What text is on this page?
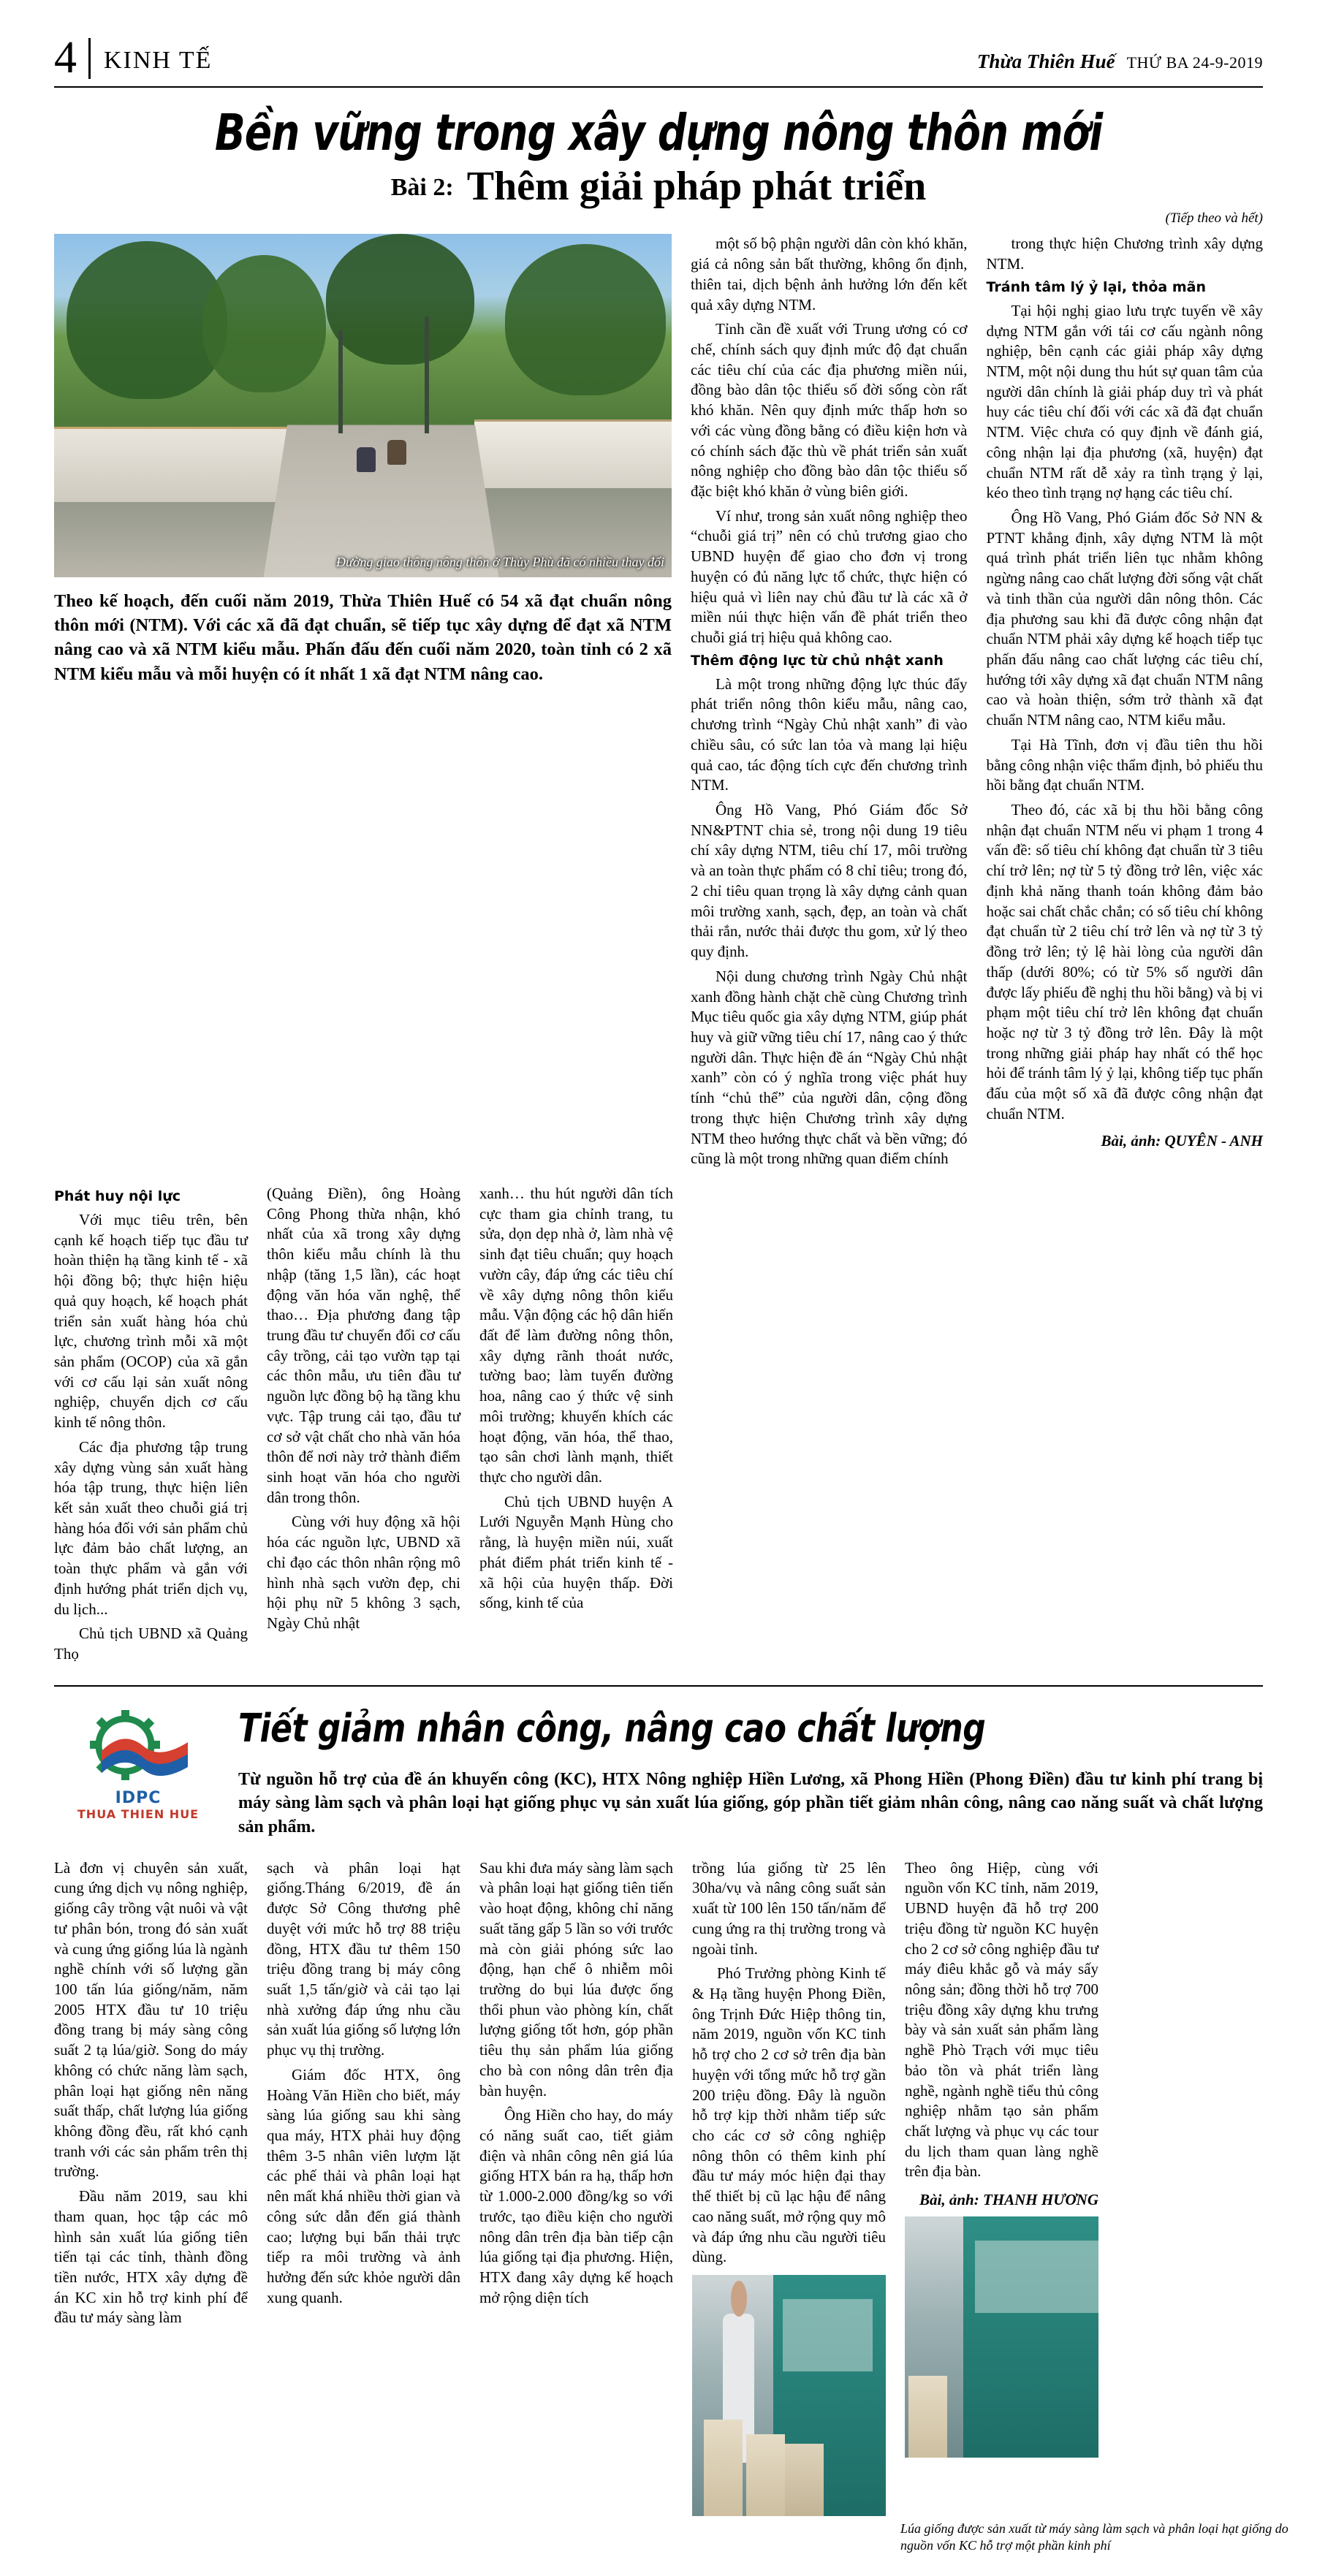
4	KINH TẾ	Thừa Thiên Huế THỨ BA 24-9-2019
Bền vững trong xây dựng nông thôn mới
Bài 2: Thêm giải pháp phát triển
(Tiếp theo và hết)
Đường giao thông nông thôn ở Thủy Phù đã có nhiều thay đổi
Theo kế hoạch, đến cuối năm 2019, Thừa Thiên Huế có 54 xã đạt chuẩn nông thôn mới (NTM). Với các xã đã đạt chuẩn, sẽ tiếp tục xây dựng để đạt xã NTM nâng cao và xã NTM kiểu mẫu. Phấn đấu đến cuối năm 2020, toàn tỉnh có 2 xã NTM kiểu mẫu và mỗi huyện có ít nhất 1 xã đạt NTM nâng cao.

một số bộ phận người dân còn khó khăn, giá cả nông sản bất thường, không ổn định, thiên tai, dịch bệnh ảnh hưởng lớn đến kết quả xây dựng NTM.

Tỉnh cần đề xuất với Trung ương có cơ chế, chính sách quy định mức độ đạt chuẩn các tiêu chí của các địa phương miền núi, đồng bào dân tộc thiểu số đời sống còn rất khó khăn. Nên quy định mức thấp hơn so với các vùng đồng bằng có điều kiện hơn và có chính sách đặc thù về phát triển sản xuất nông nghiệp cho đồng bào dân tộc thiểu số đặc biệt khó khăn ở vùng biên giới.

Ví như, trong sản xuất nông nghiệp theo “chuỗi giá trị” nên có chủ trương giao cho UBND huyện để giao cho đơn vị trong huyện có đủ năng lực tổ chức, thực hiện có hiệu quả vì liên nay chủ đầu tư là các xã ở miền núi thực hiện vấn đề phát triển theo chuỗi giá trị hiệu quả không cao.

Thêm động lực từ chủ nhật xanh

Là một trong những động lực thúc đẩy phát triển nông thôn kiểu mẫu, nâng cao, chương trình “Ngày Chủ nhật xanh” đi vào chiều sâu, có sức lan tỏa và mang lại hiệu quả cao, tác động tích cực đến chương trình NTM.

Ông Hồ Vang, Phó Giám đốc Sở NN&PTNT chia sẻ, trong nội dung 19 tiêu chí xây dựng NTM, tiêu chí 17, môi trường và an toàn thực phẩm có 8 chỉ tiêu; trong đó, 2 chỉ tiêu quan trọng là xây dựng cảnh quan môi trường xanh, sạch, đẹp, an toàn và chất thải rắn, nước thải được thu gom, xử lý theo quy định.

Nội dung chương trình Ngày Chủ nhật xanh đồng hành chặt chẽ cùng Chương trình Mục tiêu quốc gia xây dựng NTM, giúp phát huy và giữ vững tiêu chí 17, nâng cao ý thức người dân. Thực hiện đề án “Ngày Chủ nhật xanh” còn có ý nghĩa trong việc phát huy tính “chủ thể” của người dân, cộng đồng trong thực hiện Chương trình xây dựng NTM theo hướng thực chất và bền vững; đó cũng là một trong những quan điểm chính

trong thực hiện Chương trình xây dựng NTM.

Tránh tâm lý ỷ lại, thỏa mãn

Tại hội nghị giao lưu trực tuyến về xây dựng NTM gắn với tái cơ cấu ngành nông nghiệp, bên cạnh các giải pháp xây dựng NTM, một nội dung thu hút sự quan tâm của người dân chính là giải pháp duy trì và phát huy các tiêu chí đối với các xã đã đạt chuẩn NTM. Việc chưa có quy định về đánh giá, công nhận lại địa phương (xã, huyện) đạt chuẩn NTM rất dễ xảy ra tình trạng ỷ lại, kéo theo tình trạng nợ hạng các tiêu chí.

Ông Hồ Vang, Phó Giám đốc Sở NN & PTNT khẳng định, xây dựng NTM là một quá trình phát triển liên tục nhằm không ngừng nâng cao chất lượng đời sống vật chất và tinh thần của người dân nông thôn. Các địa phương sau khi đã được công nhận đạt chuẩn NTM phải xây dựng kế hoạch tiếp tục phấn đấu nâng cao chất lượng các tiêu chí, hướng tới xây dựng xã đạt chuẩn NTM nâng cao và hoàn thiện, sớm trở thành xã đạt chuẩn NTM nâng cao, NTM kiểu mẫu.

Tại Hà Tĩnh, đơn vị đầu tiên thu hồi bằng công nhận việc thẩm định, bỏ phiếu thu hồi bằng đạt chuẩn NTM.

Theo đó, các xã bị thu hồi bằng công nhận đạt chuẩn NTM nếu vi phạm 1 trong 4 vấn đề: số tiêu chí không đạt chuẩn từ 3 tiêu chí trở lên; nợ từ 5 tỷ đồng trở lên, việc xác định khả năng thanh toán không đảm bảo hoặc sai chất chắc chắn; có số tiêu chí không đạt chuẩn từ 2 tiêu chí trở lên và nợ từ 3 tỷ đồng trở lên; tỷ lệ hài lòng của người dân thấp (dưới 80%; có từ 5% số người dân được lấy phiếu đề nghị thu hồi bằng) và bị vi phạm một tiêu chí trở lên không đạt chuẩn hoặc nợ từ 3 tỷ đồng trở lên. Đây là một trong những giải pháp hay nhất có thể học hỏi để tránh tâm lý ỷ lại, không tiếp tục phấn đấu của một số xã đã được công nhận đạt chuẩn NTM.

Bài, ảnh: QUYÊN - ANH
Phát huy nội lực

Với mục tiêu trên, bên cạnh kế hoạch tiếp tục đầu tư hoàn thiện hạ tầng kinh tế - xã hội đồng bộ; thực hiện hiệu quả quy hoạch, kế hoạch phát triển sản xuất hàng hóa chủ lực, chương trình mỗi xã một sản phẩm (OCOP) của xã gắn với cơ cấu lại sản xuất nông nghiệp, chuyển dịch cơ cấu kinh tế nông thôn.

Các địa phương tập trung xây dựng vùng sản xuất hàng hóa tập trung, thực hiện liên kết sản xuất theo chuỗi giá trị hàng hóa đối với sản phẩm chủ lực đảm bảo chất lượng, an toàn thực phẩm và gắn với định hướng phát triển dịch vụ, du lịch...

Chủ tịch UBND xã Quảng Thọ

(Quảng Điền), ông Hoàng Công Phong thừa nhận, khó nhất của xã trong xây dựng thôn kiểu mẫu chính là thu nhập (tăng 1,5 lần), các hoạt động văn hóa văn nghệ, thể thao… Địa phương đang tập trung đầu tư chuyển đổi cơ cấu cây trồng, cải tạo vườn tạp tại các thôn mẫu, ưu tiên đầu tư nguồn lực đồng bộ hạ tầng khu vực. Tập trung cải tạo, đầu tư cơ sở vật chất cho nhà văn hóa thôn để nơi này trở thành điểm sinh hoạt văn hóa cho người dân trong thôn.

Cùng với huy động xã hội hóa các nguồn lực, UBND xã chỉ đạo các thôn nhân rộng mô hình nhà sạch vườn đẹp, chi hội phụ nữ 5 không 3 sạch, Ngày Chủ nhật

xanh… thu hút người dân tích cực tham gia chỉnh trang, tu sửa, dọn dẹp nhà ở, làm nhà vệ sinh đạt tiêu chuẩn; quy hoạch vườn cây, đáp ứng các tiêu chí về xây dựng nông thôn kiểu mẫu. Vận động các hộ dân hiến đất để làm đường nông thôn, xây dựng rãnh thoát nước, tường bao; làm tuyến đường hoa, nâng cao ý thức vệ sinh môi trường; khuyến khích các hoạt động, văn hóa, thể thao, tạo sân chơi lành mạnh, thiết thực cho người dân.

Chủ tịch UBND huyện A Lưới Nguyễn Mạnh Hùng cho rằng, là huyện miền núi, xuất phát điểm phát triển kinh tế - xã hội của huyện thấp. Đời sống, kinh tế của

IDPC
THUA THIEN HUE
Tiết giảm nhân công, nâng cao chất lượng
Từ nguồn hỗ trợ của đề án khuyến công (KC), HTX Nông nghiệp Hiền Lương, xã Phong Hiền (Phong Điền) đầu tư kinh phí trang bị máy sàng làm sạch và phân loại hạt giống phục vụ sản xuất lúa giống, góp phần tiết giảm nhân công, nâng cao năng suất và chất lượng sản phẩm.

Là đơn vị chuyên sản xuất, cung ứng dịch vụ nông nghiệp, giống cây trồng vật nuôi và vật tư phân bón, trong đó sản xuất và cung ứng giống lúa là ngành nghề chính với số lượng gần 100 tấn lúa giống/năm, năm 2005 HTX đầu tư 10 triệu đồng trang bị máy sàng công suất 2 tạ lúa/giờ. Song do máy không có chức năng làm sạch, phân loại hạt giống nên năng suất thấp, chất lượng lúa giống không đồng đều, rất khó cạnh tranh với các sản phẩm trên thị trường.

Đầu năm 2019, sau khi tham quan, học tập các mô hình sản xuất lúa giống tiên tiến tại các tỉnh, thành đồng tiền nước, HTX xây dựng đề án KC xin hỗ trợ kinh phí để đầu tư máy sàng làm

sạch và phân loại hạt giống.Tháng 6/2019, đề án được Sở Công thương phê duyệt với mức hỗ trợ 88 triệu đồng, HTX đầu tư thêm 150 triệu đồng trang bị máy công suất 1,5 tấn/giờ và cải tạo lại nhà xưởng đáp ứng nhu cầu sản xuất lúa giống số lượng lớn phục vụ thị trường.

Giám đốc HTX, ông Hoàng Văn Hiền cho biết, máy sàng lúa giống sau khi sàng qua máy, HTX phải huy động thêm 3-5 nhân viên lượm lặt các phế thải và phân loại hạt nên mất khá nhiều thời gian và công sức dẫn đến giá thành cao; lượng bụi bẩn thải trực tiếp ra môi trường và ảnh hưởng đến sức khỏe người dân xung quanh.

Sau khi đưa máy sàng làm sạch và phân loại hạt giống tiên tiến vào hoạt động, không chỉ năng suất tăng gấp 5 lần so với trước mà còn giải phóng sức lao động, hạn chế ô nhiễm môi trường do bụi lúa được ống thổi phun vào phòng kín, chất lượng giống tốt hơn, góp phần tiêu thụ sản phẩm lúa giống cho bà con nông dân trên địa bàn huyện.

Ông Hiền cho hay, do máy có năng suất cao, tiết giảm điện và nhân công nên giá lúa giống HTX bán ra hạ, thấp hơn từ 1.000-2.000 đồng/kg so với trước, tạo điều kiện cho người nông dân trên địa bàn tiếp cận lúa giống tại địa phương. Hiện, HTX đang xây dựng kế hoạch mở rộng diện tích

trồng lúa giống từ 25 lên 30ha/vụ và nâng công suất sản xuất từ 100 lên 150 tấn/năm để cung ứng ra thị trường trong và ngoài tỉnh.

Phó Trưởng phòng Kinh tế & Hạ tầng huyện Phong Điền, ông Trịnh Đức Hiệp thông tin, năm 2019, nguồn vốn KC tinh hỗ trợ cho 2 cơ sở trên địa bàn huyện với tổng mức hỗ trợ gần 200 triệu đồng. Đây là nguồn hỗ trợ kịp thời nhằm tiếp sức cho các cơ sở công nghiệp nông thôn có thêm kinh phí đầu tư máy móc hiện đại thay thế thiết bị cũ lạc hậu để nâng cao năng suất, mở rộng quy mô và đáp ứng nhu cầu người tiêu dùng.

Theo ông Hiệp, cùng với nguồn vốn KC tỉnh, năm 2019, UBND huyện đã hỗ trợ 200 triệu đồng từ nguồn KC huyện cho 2 cơ sở công nghiệp đầu tư máy điêu khắc gỗ và máy sấy nông sản; đồng thời hỗ trợ 700 triệu đồng xây dựng khu trưng bày và sản xuất sản phẩm làng nghề Phò Trạch với mục tiêu bảo tồn và phát triển làng nghề, ngành nghề tiểu thủ công nghiệp nhằm tạo sản phẩm chất lượng và phục vụ các tour du lịch tham quan làng nghề trên địa bàn.

Bài, ảnh: THANH HƯƠNG
Lúa giống được sản xuất từ máy sàng làm sạch và phân loại hạt giống do nguồn vốn KC hỗ trợ một phần kinh phí
